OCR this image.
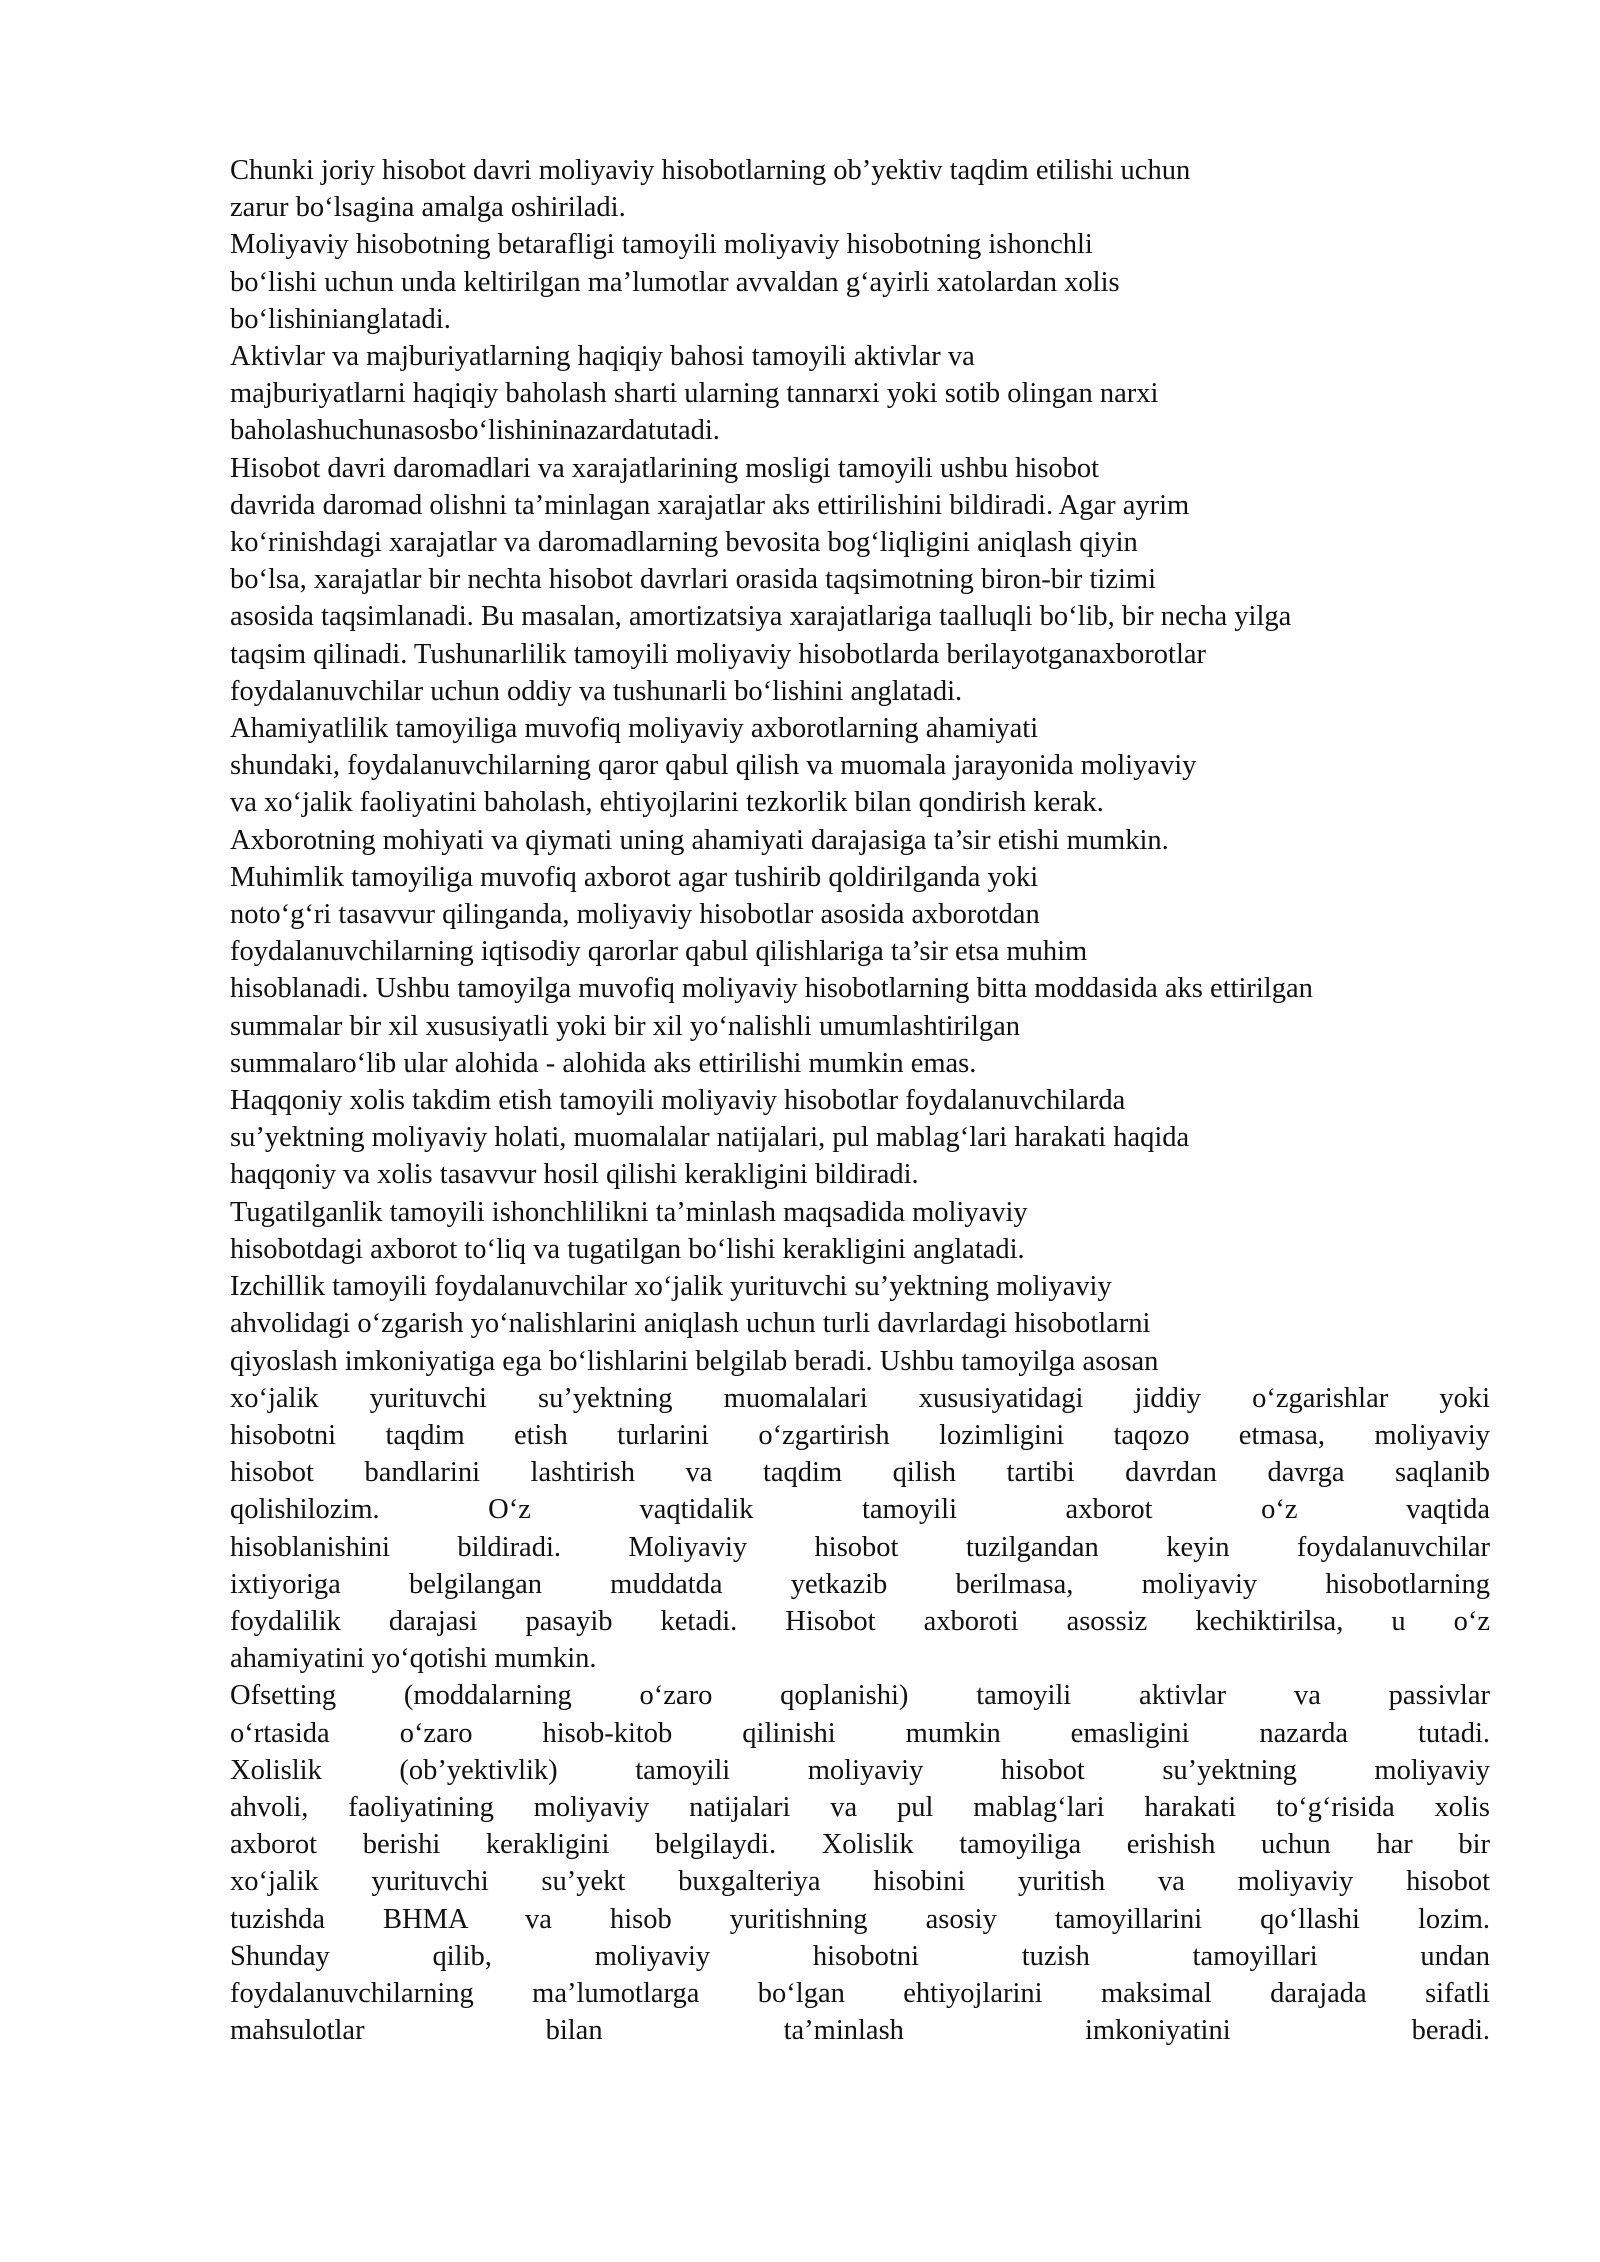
Chunki joriy hisobot davri moliyaviy hisobotlarning ob’yektiv taqdim etilishi uchun
zarur bo‘lsagina amalga oshiriladi.
Moliyaviy hisobotning betarafligi tamoyili moliyaviy hisobotning ishonchli
bo‘lishi uchun unda keltirilgan ma’lumotlar avvaldan g‘ayirli xatolardan xolis
bo‘lishinianglatadi.
Aktivlar va majburiyatlarning haqiqiy bahosi tamoyili aktivlar va
majburiyatlarni haqiqiy baholash sharti ularning tannarxi yoki sotib olingan narxi
baholashuchunasosbo‘lishininazardatutadi.
Hisobot davri daromadlari va xarajatlarining mosligi tamoyili ushbu hisobot
davrida daromad olishni ta’minlagan xarajatlar aks ettirilishini bildiradi. Agar ayrim
ko‘rinishdagi xarajatlar va daromadlarning bevosita bog‘liqligini aniqlash qiyin
bo‘lsa, xarajatlar bir nechta hisobot davrlari orasida taqsimotning biron-bir tizimi
asosida taqsimlanadi. Bu masalan, amortizatsiya xarajatlariga taalluqli bo‘lib, bir necha yilga
taqsim qilinadi. Tushunarlilik tamoyili moliyaviy hisobotlarda berilayotganaxborotlar
foydalanuvchilar uchun oddiy va tushunarli bo‘lishini anglatadi.
Ahamiyatlilik tamoyiliga muvofiq moliyaviy axborotlarning ahamiyati
shundaki, foydalanuvchilarning qaror qabul qilish va muomala jarayonida moliyaviy
va xo‘jalik faoliyatini baholash, ehtiyojlarini tezkorlik bilan qondirish kerak.
Axborotning mohiyati va qiymati uning ahamiyati darajasiga ta’sir etishi mumkin.
Muhimlik tamoyiliga muvofiq axborot agar tushirib qoldirilganda yoki
noto‘g‘ri tasavvur qilinganda, moliyaviy hisobotlar asosida axborotdan
foydalanuvchilarning iqtisodiy qarorlar qabul qilishlariga ta’sir etsa muhim
hisoblanadi. Ushbu tamoyilga muvofiq moliyaviy hisobotlarning bitta moddasida aks ettirilgan
summalar bir xil xususiyatli yoki bir xil yo‘nalishli umumlashtirilgan
summalaro‘lib ular alohida - alohida aks ettirilishi mumkin emas.
Haqqoniy xolis takdim etish tamoyili moliyaviy hisobotlar foydalanuvchilarda
su’yektning moliyaviy holati, muomalalar natijalari, pul mablag‘lari harakati haqida
haqqoniy va xolis tasavvur hosil qilishi kerakligini bildiradi.
Tugatilganlik tamoyili ishonchlilikni ta’minlash maqsadida moliyaviy
hisobotdagi axborot to‘liq va tugatilgan bo‘lishi kerakligini anglatadi.
Izchillik tamoyili foydalanuvchilar xo‘jalik yurituvchi su’yektning moliyaviy
ahvolidagi o‘zgarish yo‘nalishlarini aniqlash uchun turli davrlardagi hisobotlarni
qiyoslash imkoniyatiga ega bo‘lishlarini belgilab beradi. Ushbu tamoyilga asosan
xo‘jalik yurituvchi su’yektning muomalalari xususiyatidagi jiddiy o‘zgarishlar yoki
hisobotni taqdim etish turlarini o‘zgartirish lozimligini taqozo etmasa, moliyaviy
hisobot bandlarini lashtirish va taqdim qilish tartibi davrdan davrga saqlanib
qolishilozim. O‘z vaqtidalik tamoyili axborot o‘z vaqtida
hisoblanishini bildiradi. Moliyaviy hisobot tuzilgandan keyin foydalanuvchilar
ixtiyoriga belgilangan muddatda yetkazib berilmasa, moliyaviy hisobotlarning
foydalilik darajasi pasayib ketadi. Hisobot axboroti asossiz kechiktirilsa, u o‘z
ahamiyatini yo‘qotishi mumkin.
Ofsetting (moddalarning o‘zaro qoplanishi) tamoyili aktivlar va passivlar
o‘rtasida o‘zaro hisob-kitob qilinishi mumkin emasligini nazarda tutadi.
Xolislik (ob’yektivlik) tamoyili moliyaviy hisobot su’yektning moliyaviy
ahvoli, faoliyatining moliyaviy natijalari va pul mablag‘lari harakati to‘g‘risida xolis
axborot berishi kerakligini belgilaydi. Xolislik tamoyiliga erishish uchun har bir
xo‘jalik yurituvchi su’yekt buxgalteriya hisobini yuritish va moliyaviy hisobot
tuzishda BHMA va hisob yuritishning asosiy tamoyillarini qo‘llashi lozim.
Shunday qilib, moliyaviy hisobotni tuzish tamoyillari undan
foydalanuvchilarning ma’lumotlarga bo‘lgan ehtiyojlarini maksimal darajada sifatli
mahsulotlar bilan ta’minlash imkoniyatini beradi.
